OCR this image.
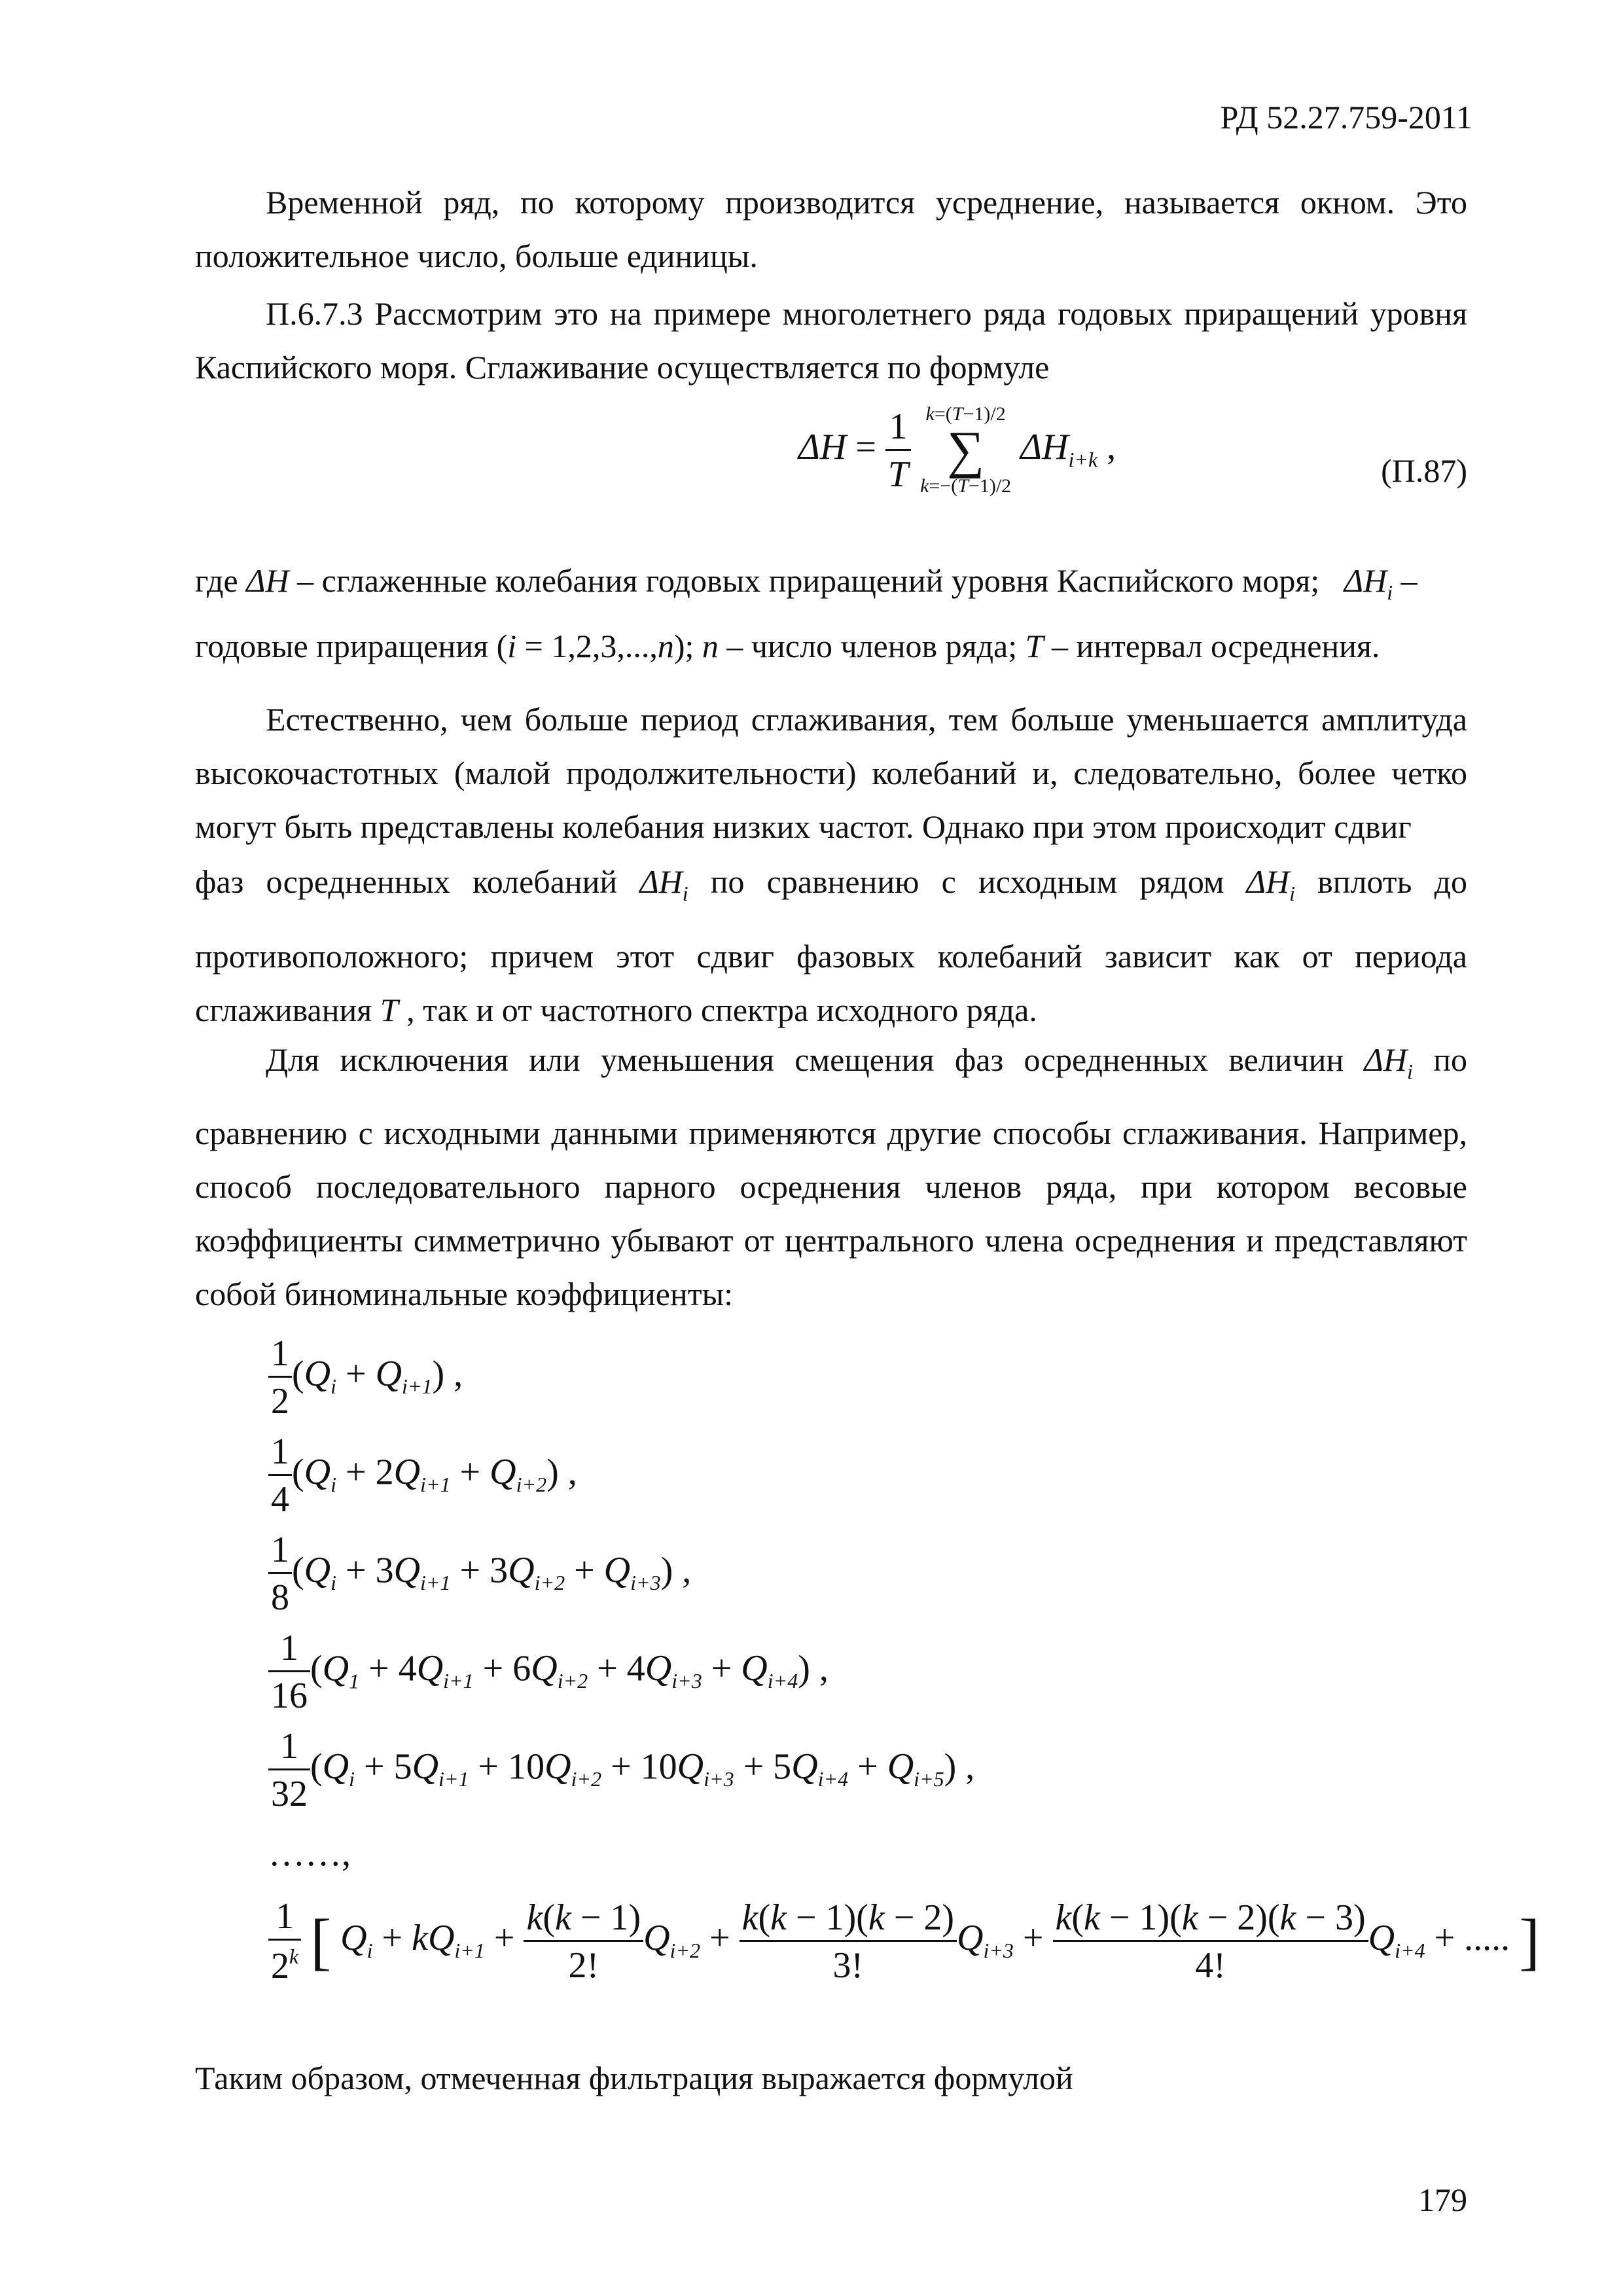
РД 52.27.759-2011
Временной ряд, по которому производится усреднение, называется окном. Это положительное число, больше единицы.
П.6.7.3 Рассмотрим это на примере многолетнего ряда годовых приращений уровня Каспийского моря. Сглаживание осуществляется по формуле
$\Delta H = \frac{1}{T}$
k=(T−1)/2
∑
k=−(T−1)/2
$\Delta H_{i+k}$ ,
(П.87)
где ΔH – сглаженные колебания годовых приращений уровня Каспийского моря; $\Delta H_i$ –
годовые приращения (i = 1,2,3,...,n); n – число членов ряда; T – интервал осреднения.
Естественно, чем больше период сглаживания, тем больше уменьшается амплитуда высокочастотных (малой продолжительности) колебаний и, следовательно, более четко могут быть представлены колебания низких частот. Однако при этом происходит сдвиг
фаз осредненных колебаний $\Delta H_i$ по сравнению с исходным рядом $\Delta H_i$ вплоть до
противоположного; причем этот сдвиг фазовых колебаний зависит как от периода сглаживания T , так и от частотного спектра исходного ряда.
Для исключения или уменьшения смещения фаз осредненных величин $\Delta H_i$ по
сравнению с исходными данными применяются другие способы сглаживания. Например, способ последовательного парного осреднения членов ряда, при котором весовые коэффициенты симметрично убывают от центрального члена осреднения и представляют собой биноминальные коэффициенты:
$\frac{1}{2} (Q_i + Q_{i+1})$ ,
$\frac{1}{4} (Q_i + 2Q_{i+1} + Q_{i+2})$ ,
$\frac{1}{8} (Q_i + 3Q_{i+1} + 3Q_{i+2} + Q_{i+3})$ ,
$\frac{1}{16} (Q_1 + 4Q_{i+1} + 6Q_{i+2} + 4Q_{i+3} + Q_{i+4})$ ,
$\frac{1}{32} (Q_i + 5Q_{i+1} + 10Q_{i+2} + 10Q_{i+3} + 5Q_{i+4} + Q_{i+5})$ ,
……,
$\frac{1}{2^k}$ [ $Q_i + kQ_{i+1} + \frac{k(k - 1)}{2!} Q_{i+2} + \frac{k(k - 1)(k - 2)}{3!} Q_{i+3} + \frac{k(k - 1)(k - 2)(k - 3)}{4!} Q_{i+4}$ + ..... ]
Таким образом, отмеченная фильтрация выражается формулой
179
